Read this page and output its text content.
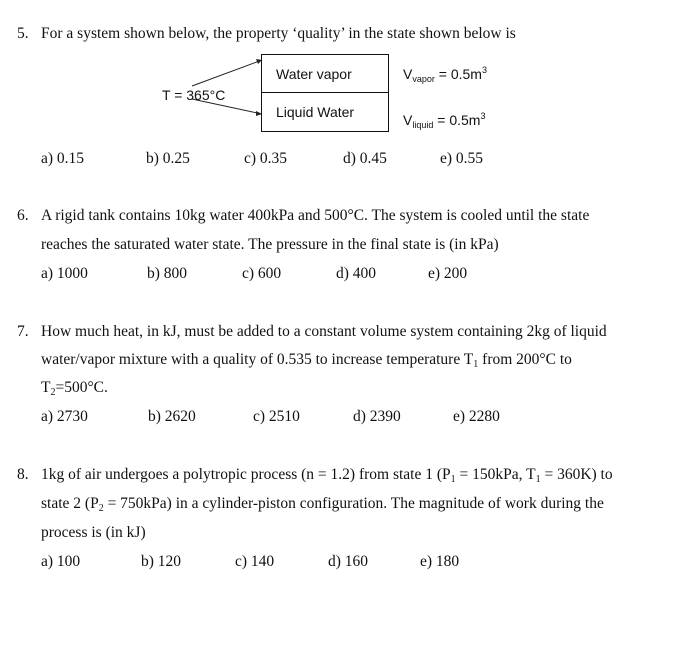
5. For a system shown below, the property ‘quality’ in the state shown below is
T = 365°C
Water vapor
Liquid Water
$V_{vapor} = 0.5m^3$
$V_{liquid} = 0.5m^3$
a) 0.15	b) 0.25	c) 0.35	d) 0.45	e) 0.55
6. A rigid tank contains 10kg water 400kPa and 500°C. The system is cooled until the state
reaches the saturated water state. The pressure in the final state is (in kPa)
a) 1000	b) 800	c) 600	d) 400	e) 200
7. How much heat, in kJ, must be added to a constant volume system containing 2kg of liquid
water/vapor mixture with a quality of 0.535 to increase temperature T1 from 200°C to
T2=500°C.
a) 2730	b) 2620	c) 2510	d) 2390	e) 2280
8. 1kg of air undergoes a polytropic process (n = 1.2) from state 1 (P1 = 150kPa, T1 = 360K) to
state 2 (P2 = 750kPa) in a cylinder-piston configuration. The magnitude of work during the
process is (in kJ)
a) 100	b) 120	c) 140	d) 160	e) 180
